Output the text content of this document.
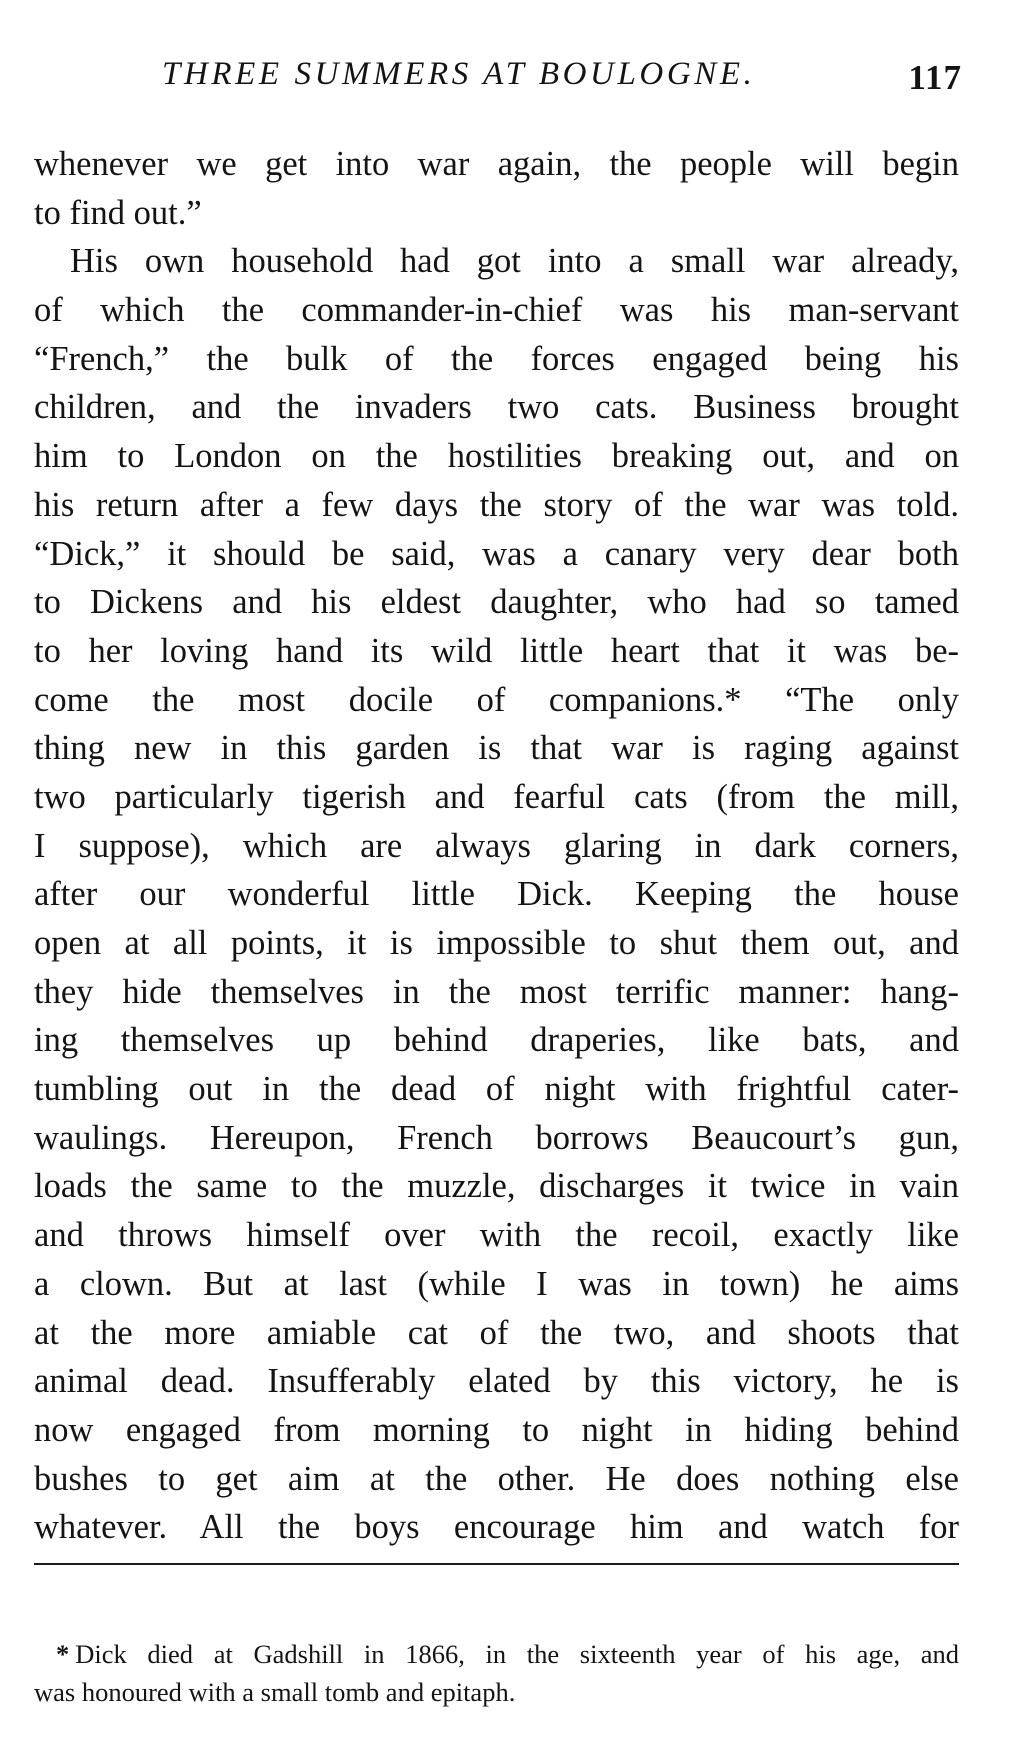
THREE SUMMERS AT BOULOGNE.	117
whenever we get into war again, the people will begin
to find out.”
His own household had got into a small war already,
of which the commander-in-chief was his man-servant
“French,” the bulk of the forces engaged being his
children, and the invaders two cats. Business brought
him to London on the hostilities breaking out, and on
his return after a few days the story of the war was told.
“Dick,” it should be said, was a canary very dear both
to Dickens and his eldest daughter, who had so tamed
to her loving hand its wild little heart that it was be-
come the most docile of companions.* “The only
thing new in this garden is that war is raging against
two particularly tigerish and fearful cats (from the mill,
I suppose), which are always glaring in dark corners,
after our wonderful little Dick. Keeping the house
open at all points, it is impossible to shut them out, and
they hide themselves in the most terrific manner: hang-
ing themselves up behind draperies, like bats, and
tumbling out in the dead of night with frightful cater-
waulings. Hereupon, French borrows Beaucourt’s gun,
loads the same to the muzzle, discharges it twice in vain
and throws himself over with the recoil, exactly like
a clown. But at last (while I was in town) he aims
at the more amiable cat of the two, and shoots that
animal dead. Insufferably elated by this victory, he is
now engaged from morning to night in hiding behind
bushes to get aim at the other. He does nothing else
whatever. All the boys encourage him and watch for
* Dick died at Gadshill in 1866, in the sixteenth year of his age, and
was honoured with a small tomb and epitaph.
